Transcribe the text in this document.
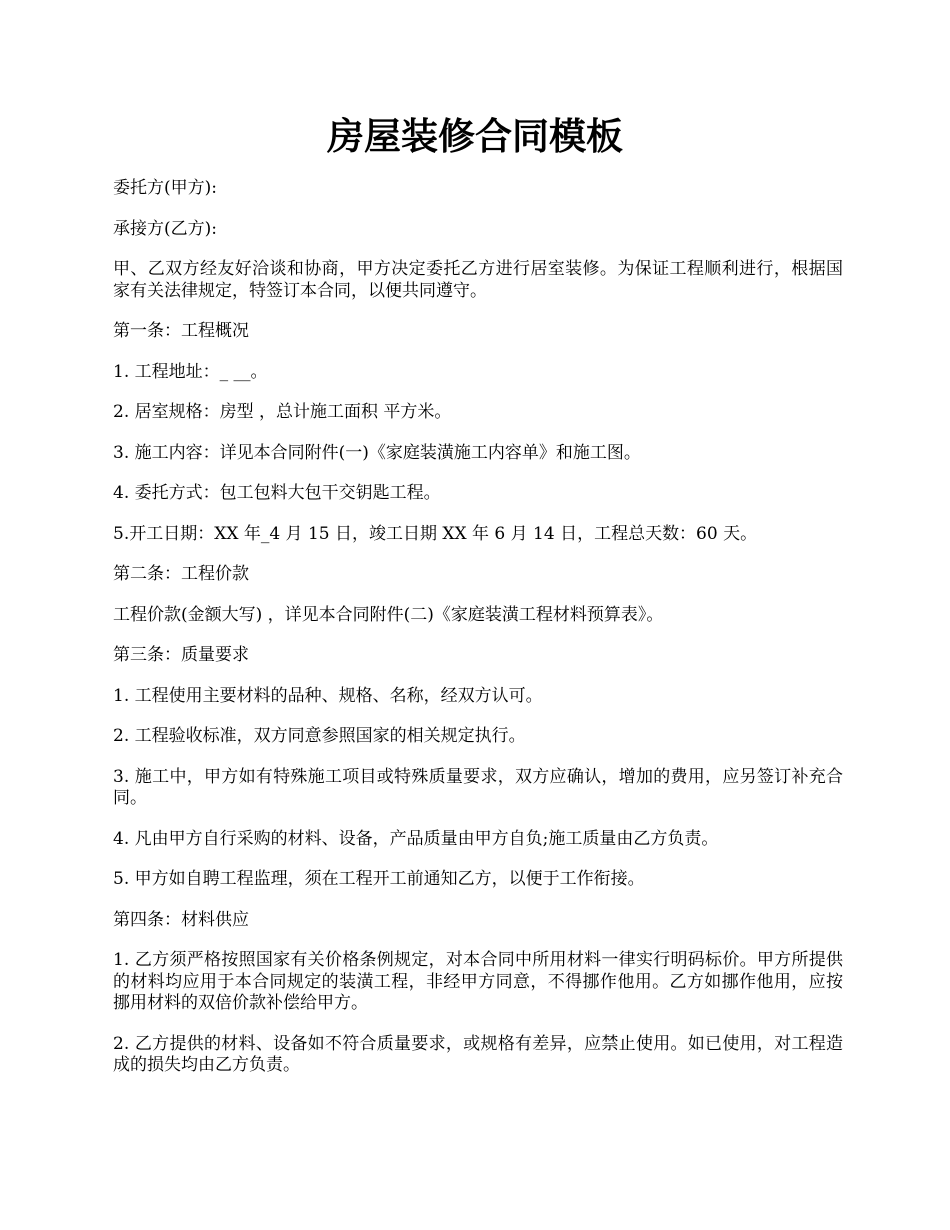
房屋装修合同模板

委托方(甲方):

承接方(乙方):

甲、乙双方经友好洽谈和协商，甲方决定委托乙方进行居室装修。为保证工程顺利进行，根据国家有关法律规定，特签订本合同，以便共同遵守。

第一条：工程概况

1. 工程地址：_ __。

2. 居室规格：房型 ，总计施工面积 平方米。

3. 施工内容：详见本合同附件(一)《家庭装潢施工内容单》和施工图。

4. 委托方式：包工包料大包干交钥匙工程。

5.开工日期：XX 年_4 月 15 日，竣工日期 XX 年 6 月 14 日，工程总天数：60 天。

第二条：工程价款

工程价款(金额大写) ，详见本合同附件(二)《家庭装潢工程材料预算表》。

第三条：质量要求

1. 工程使用主要材料的品种、规格、名称，经双方认可。

2. 工程验收标准，双方同意参照国家的相关规定执行。

3. 施工中，甲方如有特殊施工项目或特殊质量要求，双方应确认，增加的费用，应另签订补充合同。

4. 凡由甲方自行采购的材料、设备，产品质量由甲方自负;施工质量由乙方负责。

5. 甲方如自聘工程监理，须在工程开工前通知乙方，以便于工作衔接。

第四条：材料供应

1. 乙方须严格按照国家有关价格条例规定，对本合同中所用材料一律实行明码标价。甲方所提供的材料均应用于本合同规定的装潢工程，非经甲方同意，不得挪作他用。乙方如挪作他用，应按挪用材料的双倍价款补偿给甲方。

2. 乙方提供的材料、设备如不符合质量要求，或规格有差异，应禁止使用。如已使用，对工程造成的损失均由乙方负责。
